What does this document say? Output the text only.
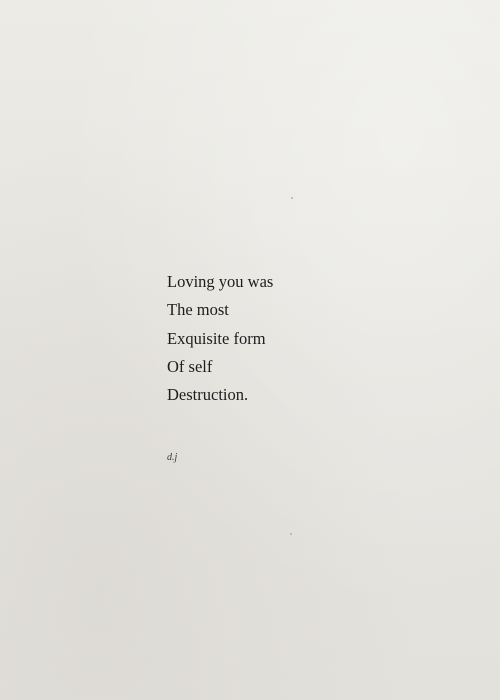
Loving you was
The most
Exquisite form
Of self
Destruction.
d.j
